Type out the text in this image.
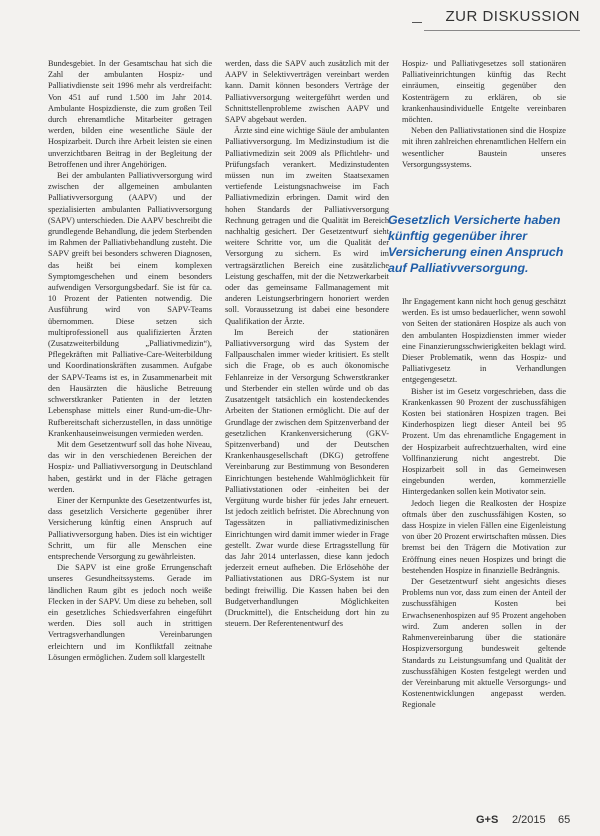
ZUR DISKUSSION

Bundesgebiet. In der Gesamtschau hat sich die Zahl der ambulanten Hospiz- und Palliativdienste seit 1996 mehr als verdreifacht: Von 451 auf rund 1.500 im Jahr 2014. Ambulante Hospizdienste, die zum großen Teil durch ehrenamtliche Mitarbeiter getragen werden, bilden eine wesentliche Säule der Hospizarbeit. Durch ihre Arbeit leisten sie einen unverzichtbaren Beitrag in der Begleitung der Betroffenen und ihrer Angehörigen.

Bei der ambulanten Palliativversorgung wird zwischen der allgemeinen ambulanten Palliativversorgung (AAPV) und der spezialisierten ambulanten Palliativversorgung (SAPV) unterschieden. Die AAPV beschreibt die grundlegende Behandlung, die jedem Sterbenden im Rahmen der Palliativbehandlung zusteht. Die SAPV greift bei besonders schweren Diagnosen, das heißt bei einem komplexen Symptomgeschehen und einem besonders aufwendigen Versorgungsbedarf. Sie ist für ca. 10 Prozent der Patienten notwendig. Die Ausführung wird von SAPV-Teams übernommen. Diese setzen sich multiprofessionell aus qualifizierten Ärzten (Zusatzweiterbildung „Palliativmedizin“), Pflegekräften mit Palliative-Care-Weiterbildung und Koordinationskräften zusammen. Aufgabe der SAPV-Teams ist es, in Zusammenarbeit mit den Hausärzten die häusliche Betreuung schwerstkranker Patienten in der letzten Lebensphase mittels einer Rund-um-die-Uhr-Rufbereitschaft sicherzustellen, in dass unnötige Krankenhauseinweisungen vermieden werden.

Mit dem Gesetzentwurf soll das hohe Niveau, das wir in den verschiedenen Bereichen der Hospiz- und Palliativversorgung in Deutschland haben, gestärkt und in der Fläche getragen werden.

Einer der Kernpunkte des Gesetzentwurfes ist, dass gesetzlich Versicherte gegenüber ihrer Versicherung künftig einen Anspruch auf Palliativversorgung haben. Dies ist ein wichtiger Schritt, um für alle Menschen eine entsprechende Versorgung zu gewährleisten.

Die SAPV ist eine große Errungenschaft unseres Gesundheitssystems. Gerade im ländlichen Raum gibt es jedoch noch weiße Flecken in der SAPV. Um diese zu beheben, soll ein gesetzliches Schiedsverfahren eingeführt werden. Dies soll auch in strittigen Vertragsverhandlungen Vereinbarungen erleichtern und im Konfliktfall zeitnahe Lösungen ermöglichen. Zudem soll klargestellt

werden, dass die SAPV auch zusätzlich mit der AAPV in Selektivverträgen vereinbart werden kann. Damit können besonders Verträge der Palliativversorgung weitergeführt werden und Schnittstellenprobleme zwischen AAPV und SAPV abgebaut werden.

Ärzte sind eine wichtige Säule der ambulanten Palliativversorgung. Im Medizinstudium ist die Palliativmedizin seit 2009 als Pflichtlehr- und Prüfungsfach verankert. Medizinstudenten müssen nun im zweiten Staatsexamen vertiefende Leistungsnachweise im Fach Palliativmedizin erbringen. Damit wird den hohen Standards der Palliativversorgung Rechnung getragen und die Qualität im Bereich nachhaltig gesichert. Der Gesetzentwurf sieht weitere Schritte vor, um die Qualität der Versorgung zu sichern. Es wird im vertragsärztlichen Bereich eine zusätzliche Leistung geschaffen, mit der die Netzwerkarbeit oder das gemeinsame Fallmanagement mit anderen Leistungserbringern honoriert werden soll. Voraussetzung ist dabei eine besondere Qualifikation der Ärzte.

Im Bereich der stationären Palliativversorgung wird das System der Fallpauschalen immer wieder kritisiert. Es stellt sich die Frage, ob es auch ökonomische Fehlanreize in der Versorgung Schwerstkranker und Sterbender ein stellen würde und ob das Zusatzentgelt tatsächlich ein kostendeckendes Arbeiten der Stationen ermöglicht. Die auf der Grundlage der zwischen dem Spitzenverband der gesetzlichen Krankenversicherung (GKV-Spitzenverband) und der Deutschen Krankenhausgesellschaft (DKG) getroffene Vereinbarung zur Bestimmung von Besonderen Einrichtungen bestehende Wahlmöglichkeit für Palliativstationen oder -einheiten bei der Vergütung wurde bisher für jedes Jahr erneuert. Ist jedoch zeitlich befristet. Die Abrechnung von Tagessätzen in palliativmedizinischen Einrichtungen wird damit immer wieder in Frage gestellt. Zwar wurde diese Ertragsstellung für das Jahr 2014 unterlassen, diese kann jedoch jederzeit erneut aufheben. Die Erlösehöhe der Palliativstationen aus DRG-System ist nur bedingt freiwillig. Die Kassen haben bei den Budgetverhandlungen Möglichkeiten (Druckmittel), die Entscheidung dort hin zu steuern. Der Referentenentwurf des

Hospiz- und Palliativgesetzes soll stationären Palliativeinrichtungen künftig das Recht einräumen, einseitig gegenüber den Kostenträgern zu erklären, ob sie krankenhausindividuelle Entgelte vereinbaren möchten.

Neben den Palliativstationen sind die Hospize mit ihren zahlreichen ehrenamtlichen Helfern ein wesentlicher Baustein unseres Versorgungssystems.

Ihr Engagement kann nicht hoch genug geschätzt werden. Es ist umso bedauerlicher, wenn sowohl von Seiten der stationären Hospize als auch von den ambulanten Hospizdiensten immer wieder eine Finanzierungsschwierigkeiten beklagt wird. Dieser Problematik, wenn das Hospiz- und Palliativgesetz in Verhandlungen entgegengesetzt.

Bisher ist im Gesetz vorgeschrieben, dass die Krankenkassen 90 Prozent der zuschussfähigen Kosten bei stationären Hospizen tragen. Bei Kinderhospizen liegt dieser Anteil bei 95 Prozent. Um das ehrenamtliche Engagement in der Hospizarbeit aufrechtzuerhalten, wird eine Vollfinanzierung nicht angestrebt. Die Hospizarbeit soll in das Gemeinwesen eingebunden werden, kommerzielle Hintergedanken sollen kein Motivator sein.

Jedoch liegen die Realkosten der Hospize oftmals über den zuschussfähigen Kosten, so dass Hospize in vielen Fällen eine Eigenleistung von über 20 Prozent erwirtschaften müssen. Dies bremst bei den Trägern die Motivation zur Eröffnung eines neuen Hospizes und bringt die bestehenden Hospize in finanzielle Bedrängnis.

Der Gesetzentwurf sieht angesichts dieses Problems nun vor, dass zum einen der Anteil der zuschussfähigen Kosten bei Erwachsenenhospizen auf 95 Prozent angehoben wird. Zum anderen sollen in der Rahmenvereinbarung über die stationäre Hospizversorgung bundesweit geltende Standards zu Leistungsumfang und Qualität der zuschussfähigen Kosten festgelegt werden und der Vereinbarung mit aktuelle Versorgungs- und Kostenentwicklungen angepasst werden. Regionale

Gesetzlich Versicherte haben künftig gegenüber ihrer Versicherung einen Anspruch auf Palliativversorgung.
G+S 2/2015 65
